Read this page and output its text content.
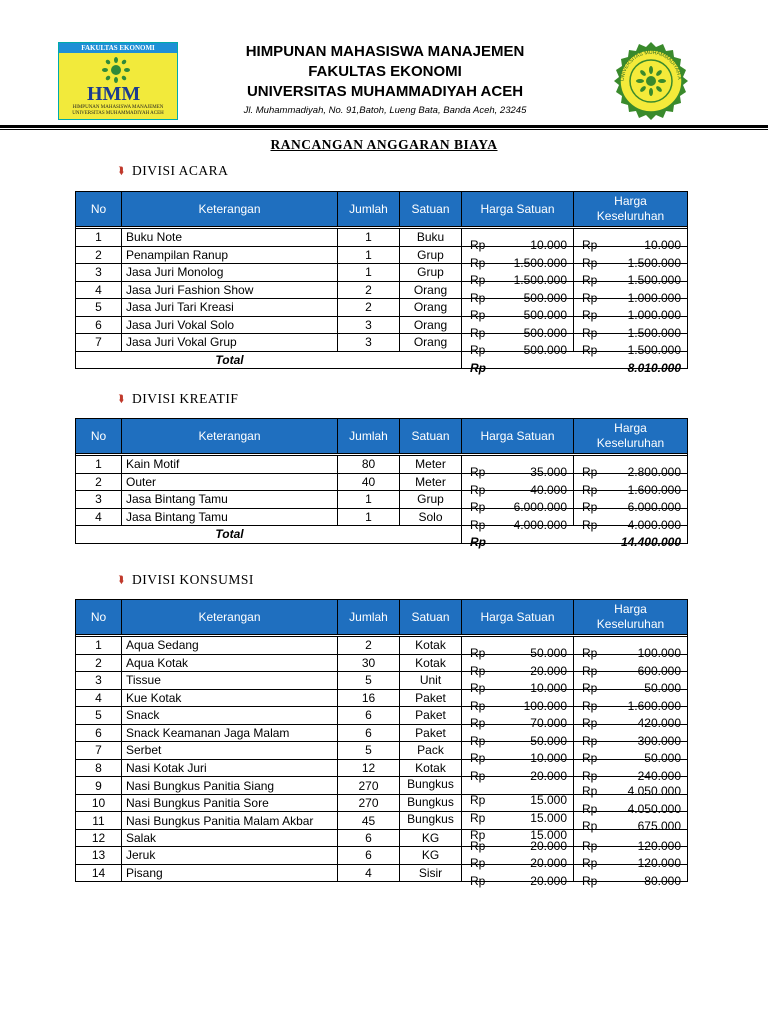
FAKULTAS EKONOMI
HMM
HIMPUNAN MAHASISWA MANAJEMEN
UNIVERSITAS MUHAMMADIYAH ACEH
HIMPUNAN MAHASISWA MANAJEMEN
FAKULTAS EKONOMI
UNIVERSITAS MUHAMMADIYAH ACEH
Jl. Muhammadiyah, No. 91,Batoh, Lueng Bata, Banda Aceh, 23245
UNIVERSITAS MUHAMMADIYAH A
RANCANGAN ANGGARAN BIAYA
⮯ DIVISI ACARA
No	Keterangan	Jumlah	Satuan	Harga Satuan	Harga
Keseluruhan

1	Buku Note	1	Buku	Rp 10.000	Rp 10.000

2	Penampilan Ranup	1	Grup	Rp 1.500.000	Rp 1.500.000

3	Jasa Juri Monolog	1	Grup	Rp 1.500.000	Rp 1.500.000

4	Jasa Juri Fashion Show	2	Orang	Rp 500.000	Rp 1.000.000

5	Jasa Juri Tari Kreasi	2	Orang	Rp 500.000	Rp 1.000.000

6	Jasa Juri Vokal Solo	3	Orang	Rp 500.000	Rp 1.500.000

7	Jasa Juri Vokal Grup	3	Orang	Rp 500.000	Rp 1.500.000

	Total			Rp	8.010.000
⮯ DIVISI KREATIF
No	Keterangan	Jumlah	Satuan	Harga Satuan	Harga
Keseluruhan

1	Kain Motif	80	Meter	Rp 35.000	Rp 2.800.000

2	Outer	40	Meter	Rp 40.000	Rp 1.600.000

3	Jasa Bintang Tamu	1	Grup	Rp 6.000.000	Rp 6.000.000

4	Jasa Bintang Tamu	1	Solo	Rp 4.000.000	Rp 4.000.000

	Total			Rp	14.400.000
⮯ DIVISI KONSUMSI
No	Keterangan	Jumlah	Satuan	Harga Satuan	Harga
Keseluruhan

1	Aqua Sedang	2	Kotak	Rp 50.000	Rp 100.000

2	Aqua Kotak	30	Kotak	Rp 20.000	Rp 600.000

3	Tissue	5	Unit	Rp 10.000	Rp 50.000

4	Kue Kotak	16	Paket	Rp 100.000	Rp 1.600.000

5	Snack	6	Paket	Rp 70.000	Rp 420.000

6	Snack Keamanan Jaga Malam	6	Paket	Rp 50.000	Rp 300.000

7	Serbet	5	Pack	Rp 10.000	Rp 50.000

8	Nasi Kotak Juri	12	Kotak	Rp 20.000	Rp 240.000

9	Nasi Bungkus Panitia Siang	270	Bungkus	Rp 15.000	Rp 4.050.000

10	Nasi Bungkus Panitia Sore	270	Bungkus	Rp 15.000	Rp 4.050.000

11	Nasi Bungkus Panitia Malam Akbar	45	Bungkus	Rp 15.000	Rp 675.000

12	Salak	6	KG	Rp 20.000	Rp 120.000

13	Jeruk	6	KG	Rp 20.000	Rp 120.000

14	Pisang	4	Sisir	Rp 20.000	Rp 80.000
